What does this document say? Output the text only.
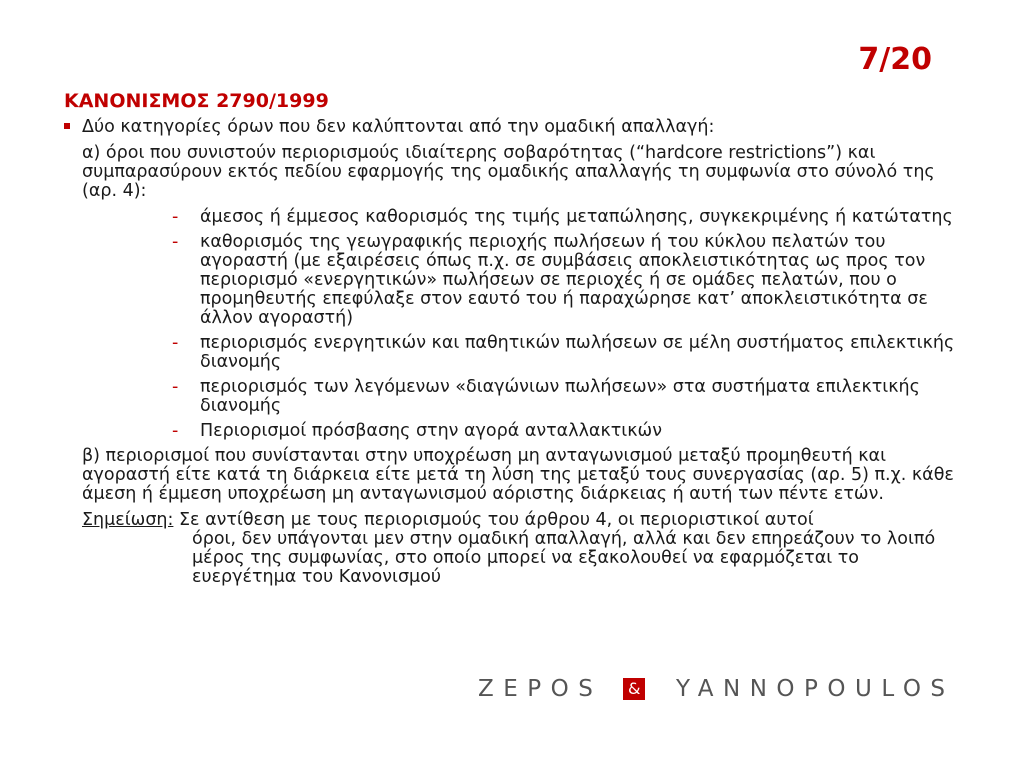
7/20
ΚΑΝΟΝΙΣΜΟΣ 2790/1999
Δύο κατηγορίες όρων που δεν καλύπτονται από την ομαδική απαλλαγή:
α) όροι που συνιστούν περιορισμούς ιδιαίτερης σοβαρότητας (“hardcore restrictions”) και συμπαρασύρουν εκτός πεδίου εφαρμογής της ομαδικής απαλλαγής τη συμφωνία στο σύνολό της (αρ. 4):
- άμεσος ή έμμεσος καθορισμός της τιμής μεταπώλησης, συγκεκριμένης ή κατώτατης
- καθορισμός της γεωγραφικής περιοχής πωλήσεων ή του κύκλου πελατών του αγοραστή (με εξαιρέσεις όπως π.χ. σε συμβάσεις αποκλειστικότητας ως προς τον περιορισμό «ενεργητικών» πωλήσεων σε περιοχές ή σε ομάδες πελατών, που ο προμηθευτής επεφύλαξε στον εαυτό του ή παραχώρησε κατ’ αποκλειστικότητα σε άλλον αγοραστή)
- περιορισμός ενεργητικών και παθητικών πωλήσεων σε μέλη συστήματος επιλεκτικής διανομής
- περιορισμός των λεγόμενων «διαγώνιων πωλήσεων» στα συστήματα επιλεκτικής διανομής
- Περιορισμοί πρόσβασης στην αγορά ανταλλακτικών
β) περιορισμοί που συνίστανται στην υποχρέωση μη ανταγωνισμού μεταξύ προμηθευτή και αγοραστή είτε κατά τη διάρκεια είτε μετά τη λύση της μεταξύ τους συνεργασίας (αρ. 5) π.χ. κάθε άμεση ή έμμεση υποχρέωση μη ανταγωνισμού αόριστης διάρκειας ή αυτή των πέντε ετών.
Σημείωση: Σε αντίθεση με τους περιορισμούς του άρθρου 4, οι περιοριστικοί αυτοί
όροι, δεν υπάγονται μεν στην ομαδική απαλλαγή, αλλά και δεν επηρεάζουν το λοιπό μέρος της συμφωνίας, στο οποίο μπορεί να εξακολουθεί να εφαρμόζεται το ευεργέτημα του Κανονισμού
ZEPOS & YANNOPOULOS
